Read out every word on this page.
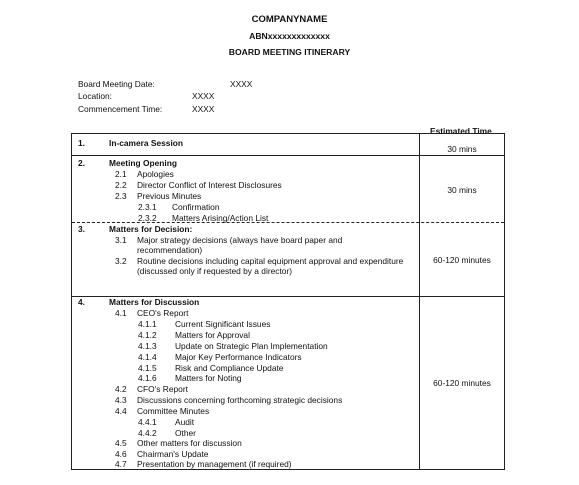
COMPANYNAME
ABNxxxxxxxxxxxxx
BOARD MEETING ITINERARY
Board Meeting Date:	XXXX
Location:	XXXX
Commencement Time:	XXXX
Estimated Time
1.	In-camera Session
30 mins
2.	Meeting Opening
2.1 Apologies
2.2 Director Conflict of Interest Disclosures
2.3 Previous Minutes
2.3.1 Confirmation
2.3.2 Matters Arising/Action List
30 mins
3.	Matters for Decision:
3.1 Major strategy decisions (always have board paper and
recommendation)
3.2 Routine decisions including capital equipment approval and expenditure
(discussed only if requested by a director)
60-120 minutes
4.	Matters for Discussion
4.1 CEO's Report
4.1.1 Current Significant Issues
4.1.2 Matters for Approval
4.1.3 Update on Strategic Plan Implementation
4.1.4 Major Key Performance Indicators
4.1.5 Risk and Compliance Update
4.1.6 Matters for Noting
4.2 CFO's Report
4.3 Discussions concerning forthcoming strategic decisions
4.4 Committee Minutes
4.4.1 Audit
4.4.2 Other
4.5 Other matters for discussion
4.6 Chairman's Update
4.7 Presentation by management (if required)
60-120 minutes
